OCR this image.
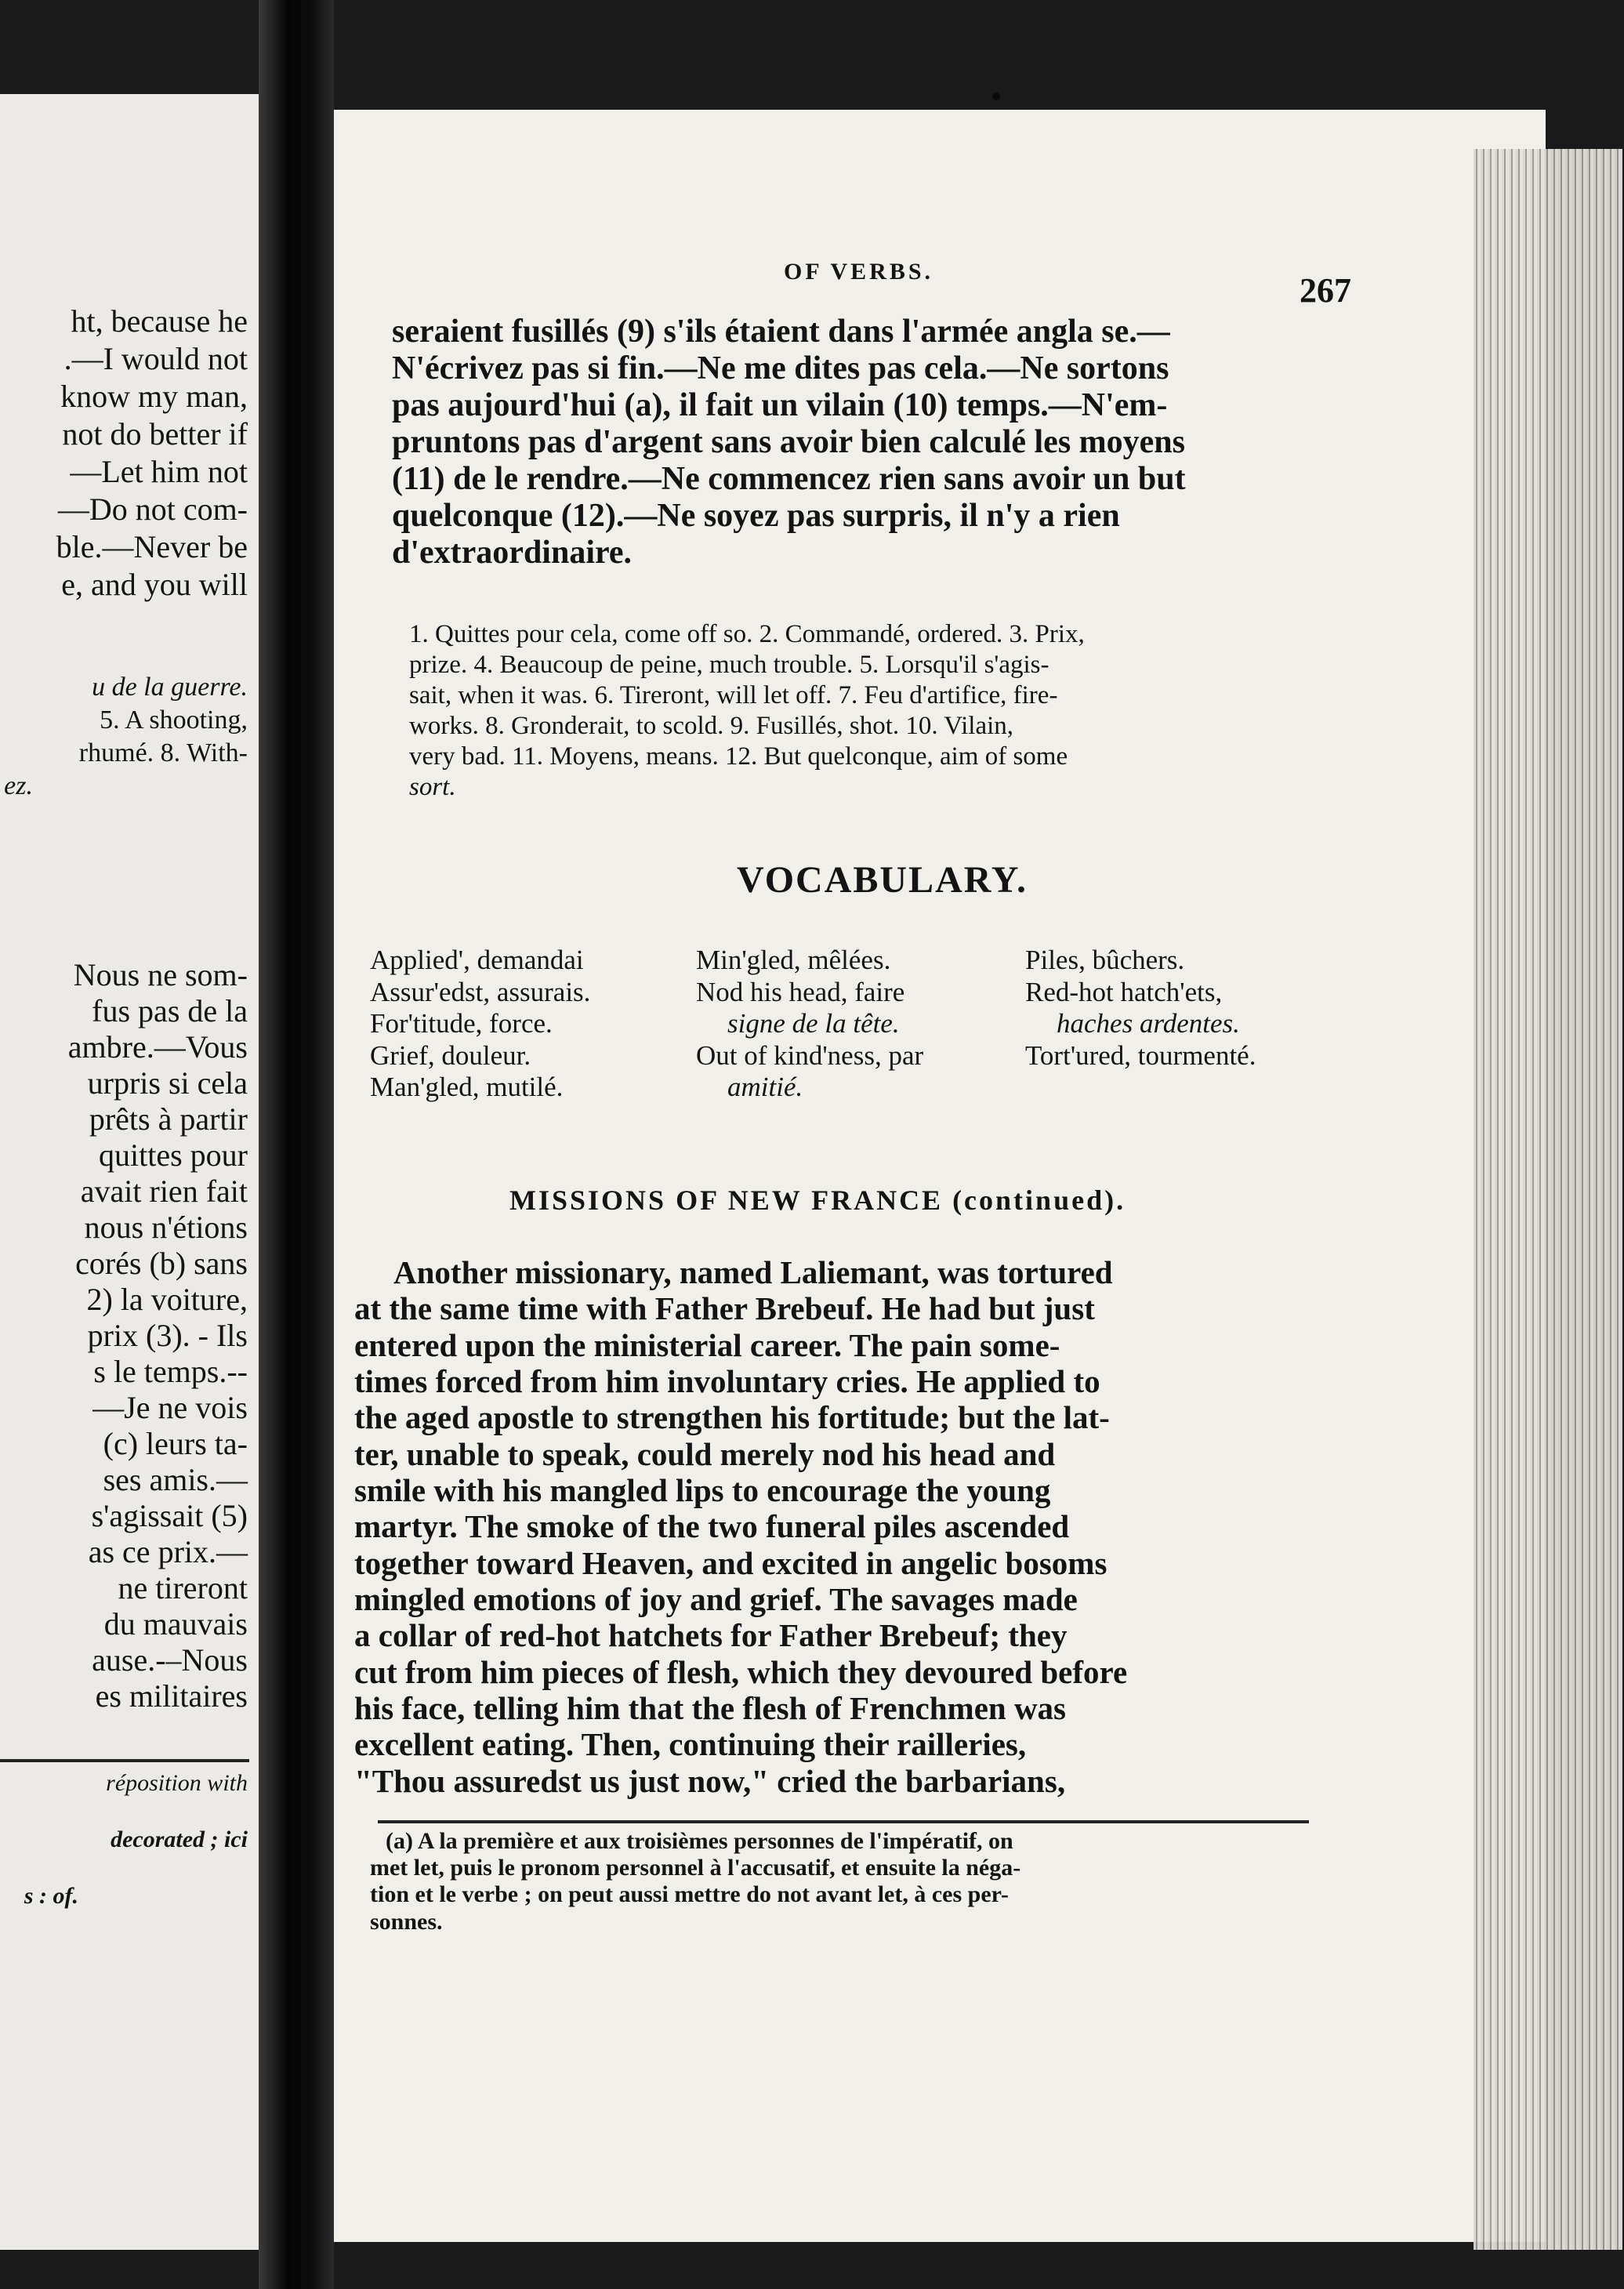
ht, because he
.—I would not
know my man,
not do better if
—Let him not
—Do not com-
ble.—Never be
e, and you will
u de la guerre.
5. A shooting,
rhumé. 8. With-
ez.
Nous ne som-
fus pas de la
ambre.—Vous
urpris si cela
prêts à partir
quittes pour
avait rien fait
nous n'étions
corés (b) sans
2) la voiture,
prix (3). - Ils
s le temps.--
—Je ne vois
(c) leurs ta-
ses amis.—
s'agissait (5)
as ce prix.—
ne tireront
du mauvais
ause.-–Nous
es militaires
réposition with
decorated ; ici
s : of.
OF VERBS.	267
seraient fusillés (9) s'ils étaient dans l'armée angla se.—
N'écrivez pas si fin.—Ne me dites pas cela.—Ne sortons
pas aujourd'hui (a), il fait un vilain (10) temps.—N'em-
pruntons pas d'argent sans avoir bien calculé les moyens
(11) de le rendre.—Ne commencez rien sans avoir un but
quelconque (12).—Ne soyez pas surpris, il n'y a rien
d'extraordinaire.
1. Quittes pour cela, come off so. 2. Commandé, ordered. 3. Prix,
prize. 4. Beaucoup de peine, much trouble. 5. Lorsqu'il s'agis-
sait, when it was. 6. Tireront, will let off. 7. Feu d'artifice, fire-
works. 8. Gronderait, to scold. 9. Fusillés, shot. 10. Vilain,
very bad. 11. Moyens, means. 12. But quelconque, aim of some
sort.
VOCABULARY.
Applied', demandai
Assur'edst, assurais.
For'titude, force.
Grief, douleur.
Man'gled, mutilé.
Min'gled, mêlées.
Nod his head, faire
signe de la tête.
Out of kind'ness, par
amitié.
Piles, bûchers.
Red-hot hatch'ets,
haches ardentes.
Tort'ured, tourmenté.
MISSIONS OF NEW FRANCE (continued).
Another missionary, named Laliemant, was tortured
at the same time with Father Brebeuf. He had but just
entered upon the ministerial career. The pain some-
times forced from him involuntary cries. He applied to
the aged apostle to strengthen his fortitude; but the lat-
ter, unable to speak, could merely nod his head and
smile with his mangled lips to encourage the young
martyr. The smoke of the two funeral piles ascended
together toward Heaven, and excited in angelic bosoms
mingled emotions of joy and grief. The savages made
a collar of red-hot hatchets for Father Brebeuf; they
cut from him pieces of flesh, which they devoured before
his face, telling him that the flesh of Frenchmen was
excellent eating. Then, continuing their railleries,
"Thou assuredst us just now," cried the barbarians,
(a) A la première et aux troisièmes personnes de l'impératif, on
met let, puis le pronom personnel à l'accusatif, et ensuite la néga-
tion et le verbe ; on peut aussi mettre do not avant let, à ces per-
sonnes.
